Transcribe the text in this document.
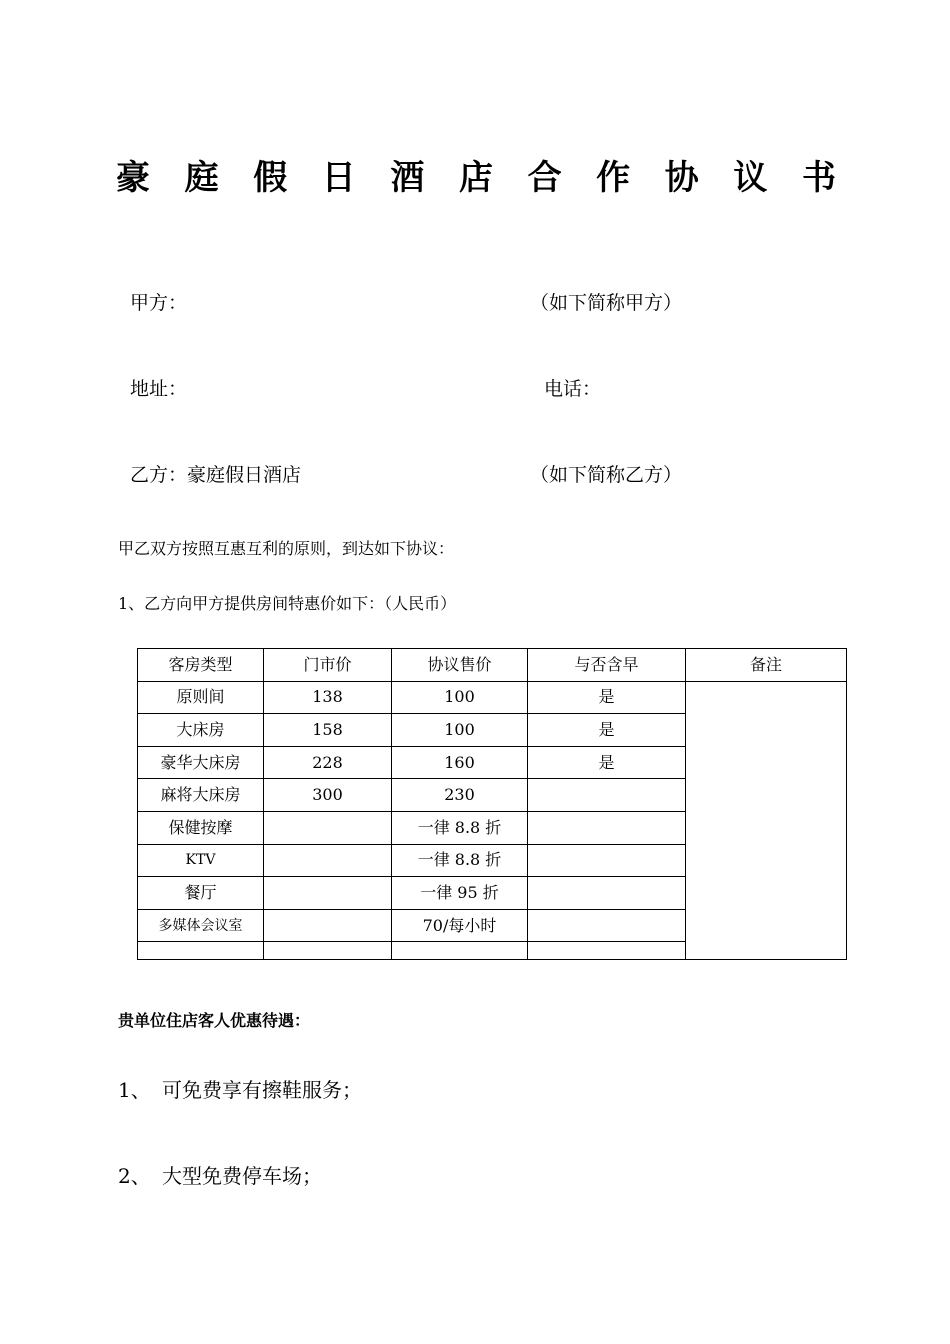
豪 庭 假 日 酒 店 合 作 协 议 书
甲方：	（如下简称甲方）
地址：	电话：
乙方：豪庭假日酒店	（如下简称乙方）
甲乙双方按照互惠互利的原则，到达如下协议：
1、乙方向甲方提供房间特惠价如下：（人民币）
客房类型	门市价	协议售价	与否含早	备注
原则间	138	100	是	
大床房	158	100	是	
豪华大床房	228	160	是	
麻将大床房	300	230		
保健按摩		一律 8.8 折		
KTV		一律 8.8 折		
餐厅		一律 95 折		
多媒体会议室		70/每小时		

贵单位住店客人优惠待遇：
1、 可免费享有擦鞋服务；
2、 大型免费停车场；
